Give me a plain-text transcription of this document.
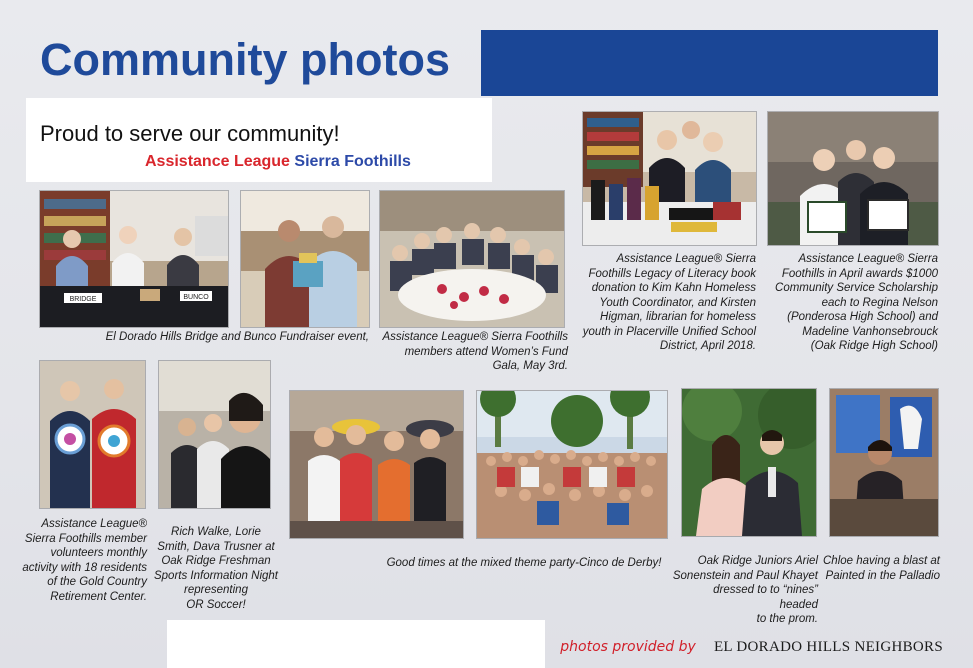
Community photos
Proud to serve our community!
Assistance League Sierra Foothills
BRIDGE	BUNCO
El Dorado Hills Bridge and Bunco Fundraiser event, Assistance League® Sierra Foothills
members attend Women’s Fund
Gala, May 3rd.
Assistance League® Sierra
Foothills Legacy of Literacy book
donation to Kim Kahn Homeless
Youth Coordinator, and Kirsten
Higman, librarian for homeless
youth in Placerville Unified School
District, April 2018.
Assistance League® Sierra
Foothills in April awards $1000
Community Service Scholarship
each to Regina Nelson
(Ponderosa High School) and
Madeline Vanhonsebrouck
(Oak Ridge High School)
Assistance League®
Sierra Foothills member
volunteers monthly
activity with 18 residents
of the Gold Country
Retirement Center.
Rich Walke, Lorie
Smith, Dava Trusner at
Oak Ridge Freshman
Sports Information Night
representing
OR Soccer!
Good times at the mixed theme party-Cinco de Derby!	Oak Ridge Juniors Ariel
Sonenstein and Paul Khayet
dressed to to “nines” headed
to the prom.
Chloe having a blast at
Painted in the Palladio
photos provided by EL DORADO HILLS NEIGHBORS
